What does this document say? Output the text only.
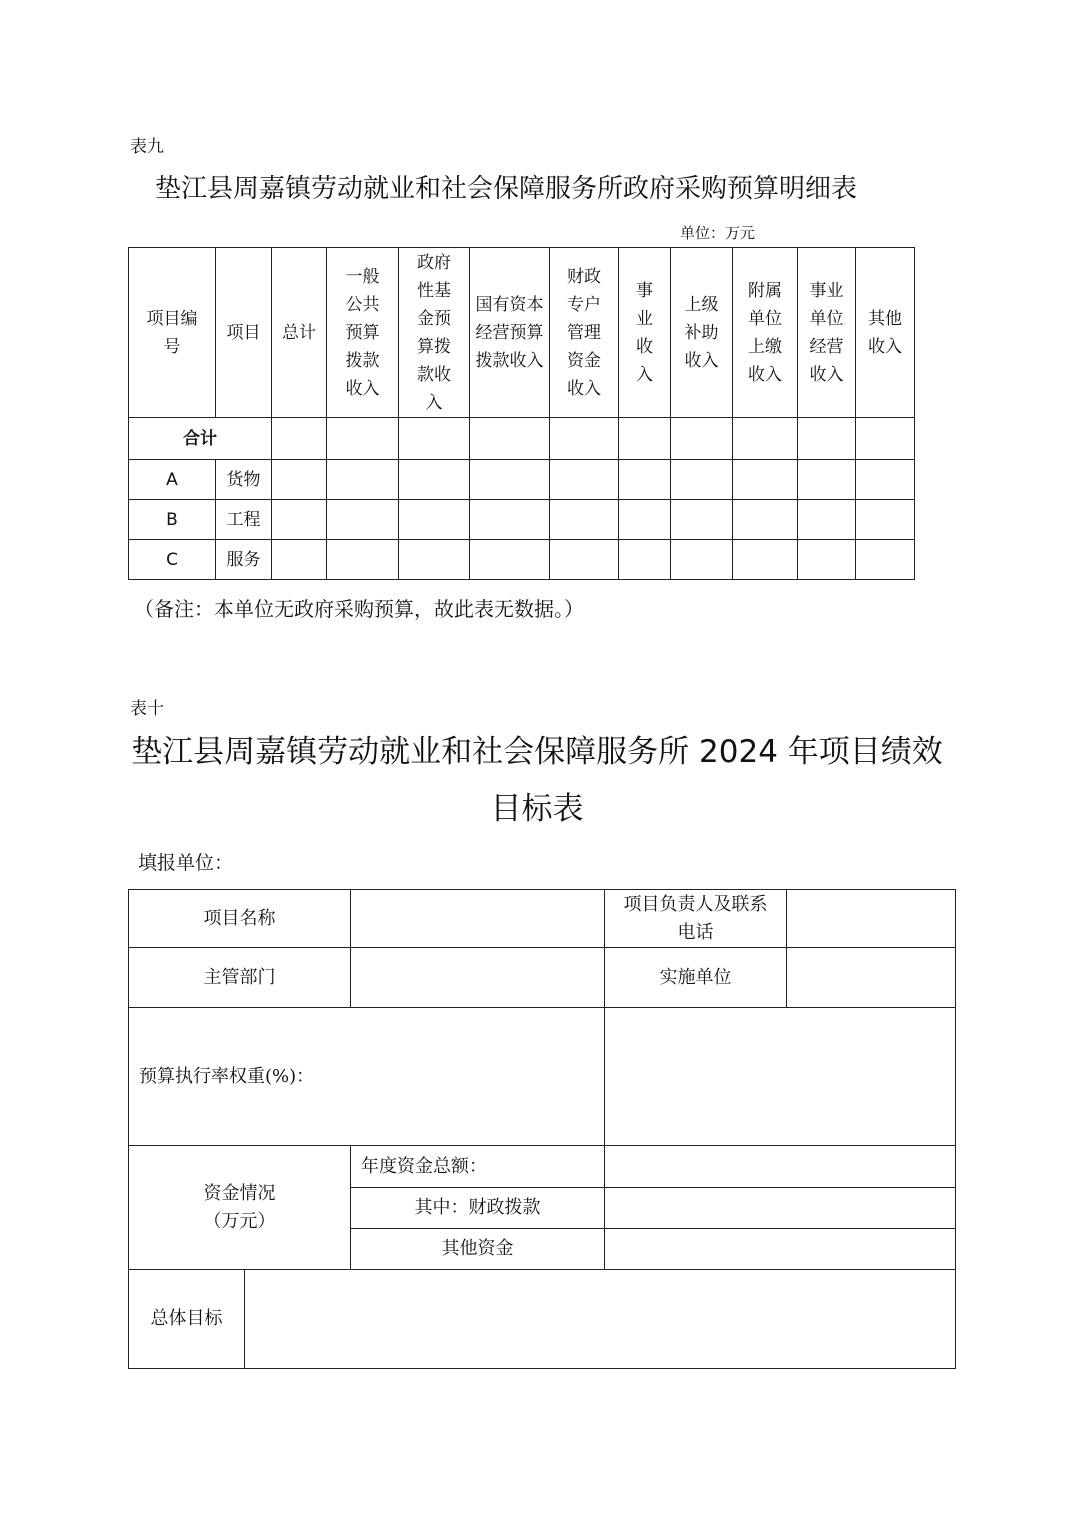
表九
垫江县周嘉镇劳动就业和社会保障服务所政府采购预算明细表
单位：万元
项目编号	项目	总计	一般公共预算拨款收入	政府性基金预算拨款收入	国有资本经营预算拨款收入	财政专户管理资金收入	事业收入	上级补助收入	附属单位上缴收入	事业单位经营收入	其他收入
合计											
A	货物										
B	工程										
C	服务										
（备注：本单位无政府采购预算，故此表无数据。）
表十
垫江县周嘉镇劳动就业和社会保障服务所 2024 年项目绩效
目标表
填报单位：
项目名称			项目负责人及联系电话	
主管部门			实施单位	
预算执行率权重(%)：				

资金情况
（万元）		年度资金总额：		
		其中：财政拨款		
		其他资金		
总体目标				
